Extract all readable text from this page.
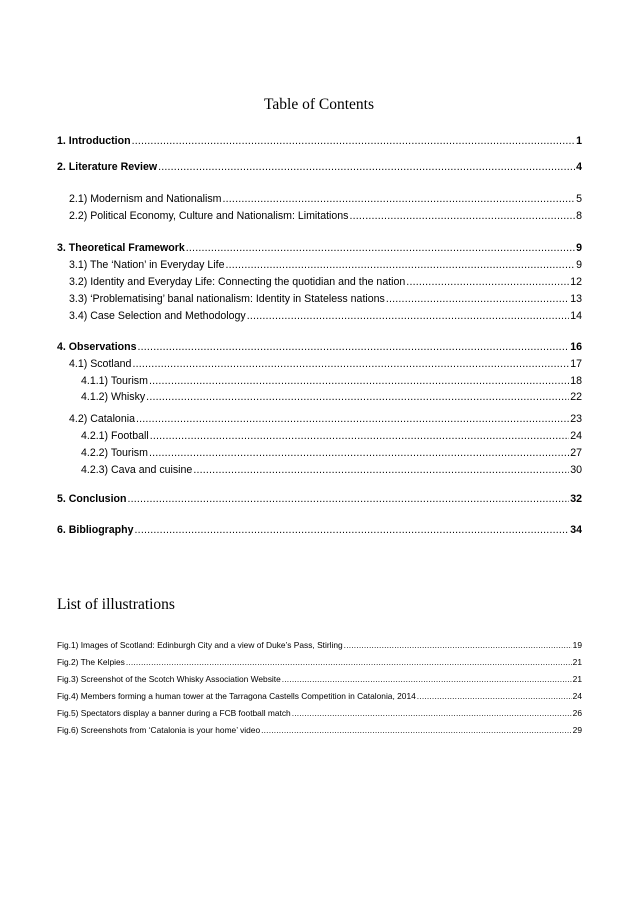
Table of Contents
1. Introduction .....	1
2. Literature Review .....	4
2.1) Modernism and Nationalism .....	5
2.2) Political Economy, Culture and Nationalism: Limitations .....	8
3. Theoretical Framework .....	9
3.1) The ‘Nation’ in Everyday Life .....	9
3.2) Identity and Everyday Life: Connecting the quotidian and the nation .....	12
3.3) ‘Problematising’ banal nationalism: Identity in Stateless nations .....	13
3.4) Case Selection and Methodology .....	14
4. Observations .....	16
4.1) Scotland .....	17
4.1.1) Tourism .....	18
4.1.2) Whisky .....	22
4.2) Catalonia .....	23
4.2.1) Football .....	24
4.2.2) Tourism .....	27
4.2.3) Cava and cuisine .....	30
5. Conclusion .....	32
6. Bibliography .....	34
List of illustrations
Fig.1) Images of Scotland: Edinburgh City and a view of Duke’s Pass, Stirling .....	19
Fig.2) The Kelpies .....	21
Fig.3) Screenshot of the Scotch Whisky Association Website .....	21
Fig.4) Members forming a human tower at the Tarragona Castells Competition in Catalonia, 2014 .....	24
Fig.5) Spectators display a banner during a FCB football match .....	26
Fig.6) Screenshots from ‘Catalonia is your home’ video .....	29
